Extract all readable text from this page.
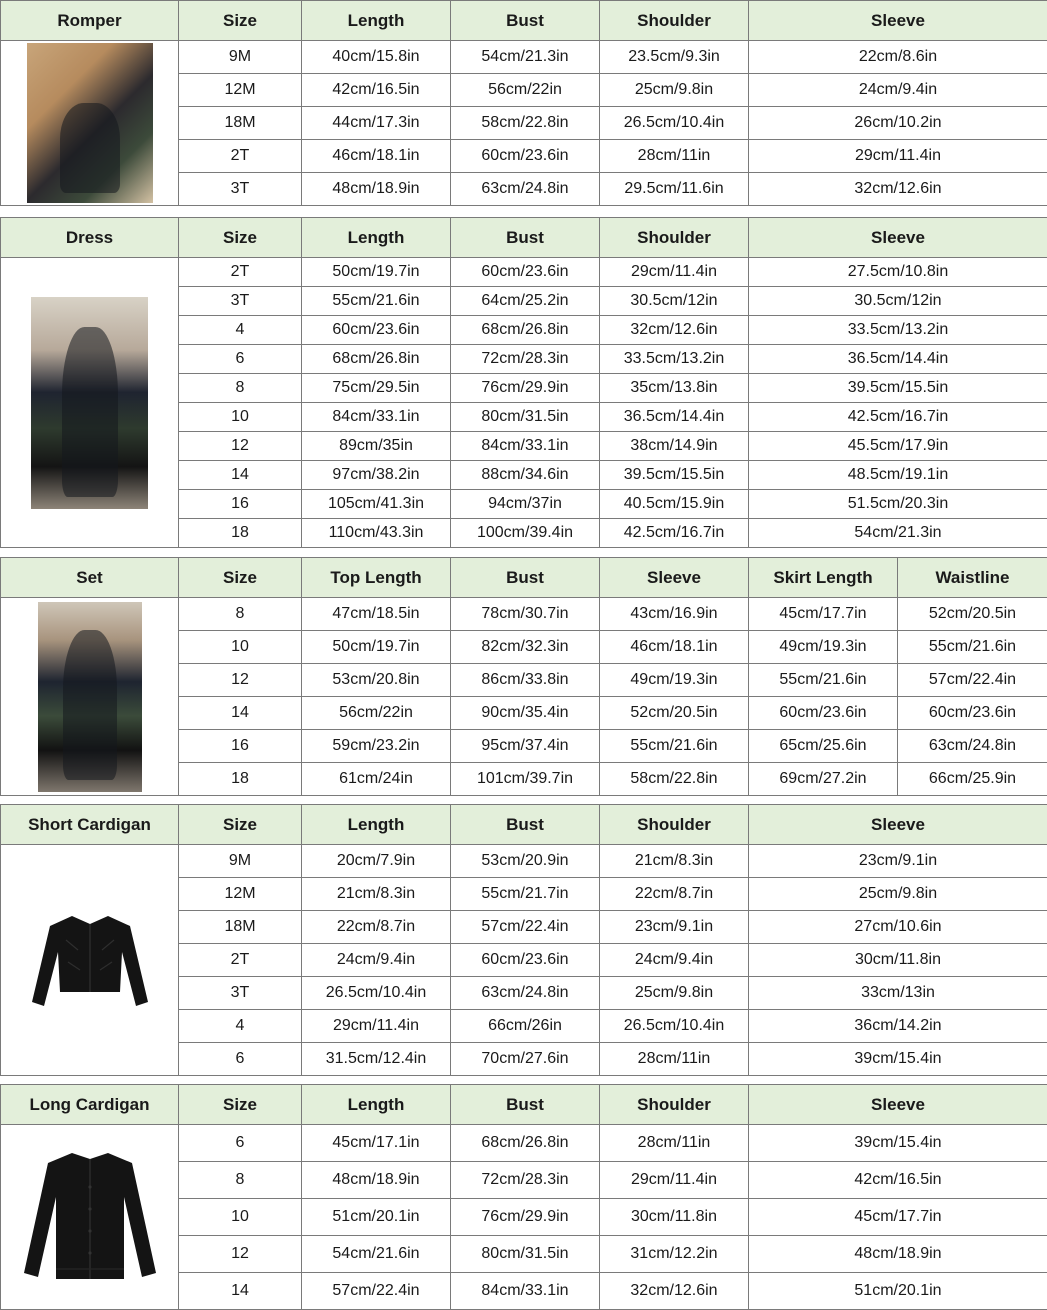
Romper	Size	Length	Bust	Shoulder	Sleeve

	9M	40cm/15.8in	54cm/21.3in	23.5cm/9.3in	22cm/8.6in
	12M	42cm/16.5in	56cm/22in	25cm/9.8in	24cm/9.4in
	18M	44cm/17.3in	58cm/22.8in	26.5cm/10.4in	26cm/10.2in
	2T	46cm/18.1in	60cm/23.6in	28cm/11in	29cm/11.4in
	3T	48cm/18.9in	63cm/24.8in	29.5cm/11.6in	32cm/12.6in
Dress	Size	Length	Bust	Shoulder	Sleeve

	2T	50cm/19.7in	60cm/23.6in	29cm/11.4in	27.5cm/10.8in
	3T	55cm/21.6in	64cm/25.2in	30.5cm/12in	30.5cm/12in
	4	60cm/23.6in	68cm/26.8in	32cm/12.6in	33.5cm/13.2in
	6	68cm/26.8in	72cm/28.3in	33.5cm/13.2in	36.5cm/14.4in
	8	75cm/29.5in	76cm/29.9in	35cm/13.8in	39.5cm/15.5in
	10	84cm/33.1in	80cm/31.5in	36.5cm/14.4in	42.5cm/16.7in
	12	89cm/35in	84cm/33.1in	38cm/14.9in	45.5cm/17.9in
	14	97cm/38.2in	88cm/34.6in	39.5cm/15.5in	48.5cm/19.1in
	16	105cm/41.3in	94cm/37in	40.5cm/15.9in	51.5cm/20.3in
	18	110cm/43.3in	100cm/39.4in	42.5cm/16.7in	54cm/21.3in
Set	Size	Top Length	Bust	Sleeve	Skirt Length	Waistline

	8	47cm/18.5in	78cm/30.7in	43cm/16.9in	45cm/17.7in	52cm/20.5in
	10	50cm/19.7in	82cm/32.3in	46cm/18.1in	49cm/19.3in	55cm/21.6in
	12	53cm/20.8in	86cm/33.8in	49cm/19.3in	55cm/21.6in	57cm/22.4in
	14	56cm/22in	90cm/35.4in	52cm/20.5in	60cm/23.6in	60cm/23.6in
	16	59cm/23.2in	95cm/37.4in	55cm/21.6in	65cm/25.6in	63cm/24.8in
	18	61cm/24in	101cm/39.7in	58cm/22.8in	69cm/27.2in	66cm/25.9in
Short Cardigan	Size	Length	Bust	Shoulder	Sleeve

	9M	20cm/7.9in	53cm/20.9in	21cm/8.3in	23cm/9.1in
	12M	21cm/8.3in	55cm/21.7in	22cm/8.7in	25cm/9.8in
	18M	22cm/8.7in	57cm/22.4in	23cm/9.1in	27cm/10.6in
	2T	24cm/9.4in	60cm/23.6in	24cm/9.4in	30cm/11.8in
	3T	26.5cm/10.4in	63cm/24.8in	25cm/9.8in	33cm/13in
	4	29cm/11.4in	66cm/26in	26.5cm/10.4in	36cm/14.2in
	6	31.5cm/12.4in	70cm/27.6in	28cm/11in	39cm/15.4in
Long Cardigan	Size	Length	Bust	Shoulder	Sleeve

	6	45cm/17.1in	68cm/26.8in	28cm/11in	39cm/15.4in
	8	48cm/18.9in	72cm/28.3in	29cm/11.4in	42cm/16.5in
	10	51cm/20.1in	76cm/29.9in	30cm/11.8in	45cm/17.7in
	12	54cm/21.6in	80cm/31.5in	31cm/12.2in	48cm/18.9in
	14	57cm/22.4in	84cm/33.1in	32cm/12.6in	51cm/20.1in
